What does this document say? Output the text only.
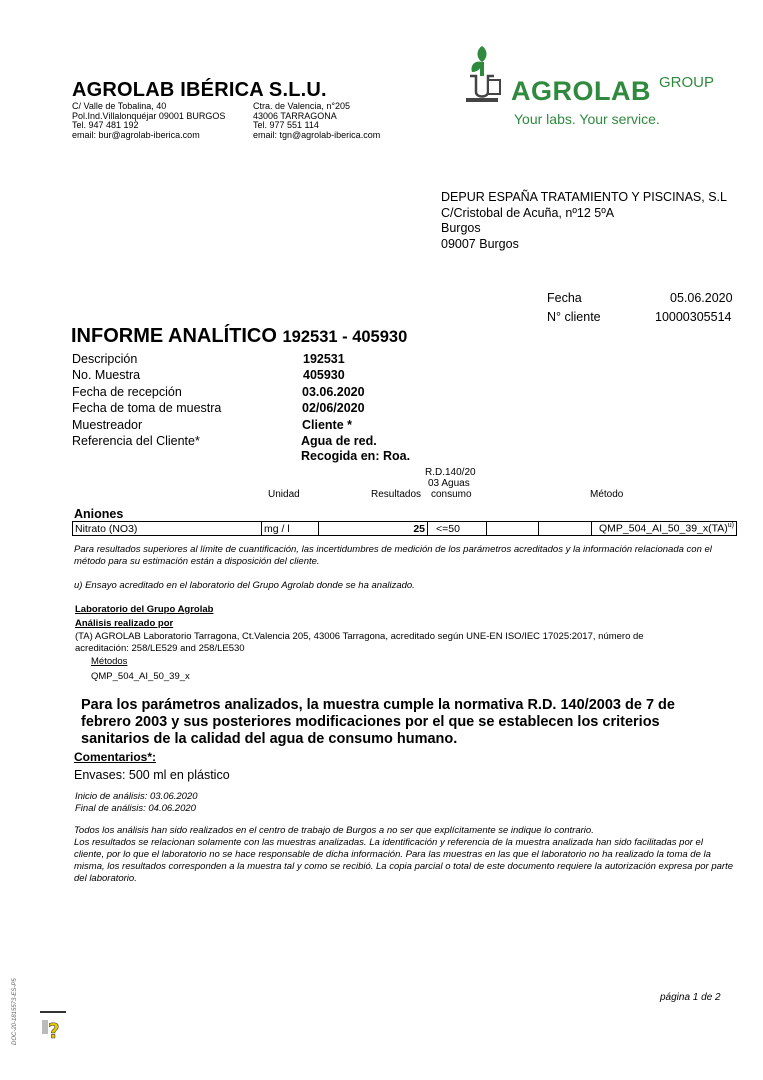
AGROLAB IBÉRICA S.L.U.
C/ Valle de Tobalina, 40
Pol.Ind.Villalonquéjar 09001 BURGOS
Tel. 947 481 192
email: bur@agrolab-iberica.com
Ctra. de Valencia, n°205
43006 TARRAGONA
Tel. 977 551 114
email: tgn@agrolab-iberica.com
AGROLAB GROUP
Your labs. Your service.
DEPUR ESPAÑA TRATAMIENTO Y PISCINAS, S.L
C/Cristobal de Acuña, nº12 5ºA
Burgos
09007 Burgos
Fecha	05.06.2020
N° cliente	10000305514
INFORME ANALÍTICO 192531 - 405930
Descripción	192531
No. Muestra	405930
Fecha de recepción	03.06.2020
Fecha de toma de muestra	02/06/2020
Muestreador	Cliente *
Referencia del Cliente*	Agua de red.
Recogida en: Roa.
Unidad	Resultados
R.D.140/20
03 Aguas
consumo	Método
Aniones
Nitrato (NO3)	mg / l	25	<=50			QMP_504_AI_50_39_x(TA)$^{u)}$
Para resultados superiores al límite de cuantificación, las incertidumbres de medición de los parámetros acreditados y la información relacionada con el método para su estimación están a disposición del cliente.
u) Ensayo acreditado en el laboratorio del Grupo Agrolab donde se ha analizado.
Laboratorio del Grupo Agrolab
Análisis realizado por
(TA) AGROLAB Laboratorio Tarragona, Ct.Valencia 205, 43006 Tarragona, acreditado según UNE-EN ISO/IEC 17025:2017, número de acreditación: 258/LE529 and 258/LE530
Métodos
QMP_504_AI_50_39_x
Para los parámetros analizados, la muestra cumple la normativa R.D. 140/2003 de 7 de febrero 2003 y sus posteriores modificaciones por el que se establecen los criterios sanitarios de la calidad del agua de consumo humano.
Comentarios*:
Envases: 500 ml en plástico
Inicio de análisis: 03.06.2020
Final de análisis: 04.06.2020
Todos los análisis han sido realizados en el centro de trabajo de Burgos a no ser que explícitamente se indique lo contrario.
Los resultados se relacionan solamente con las muestras analizadas. La identificación y referencia de la muestra analizada han sido facilitadas por el cliente, por lo que el laboratorio no se hace responsable de dicha información. Para las muestras en las que el laboratorio no ha realizado la toma de la misma, los resultados corresponden a la muestra tal y como se recibió. La copia parcial o total de este documento requiere la autorización expresa por parte del laboratorio.
página 1 de 2
DOC-20-1815573-ES-P5 ?
